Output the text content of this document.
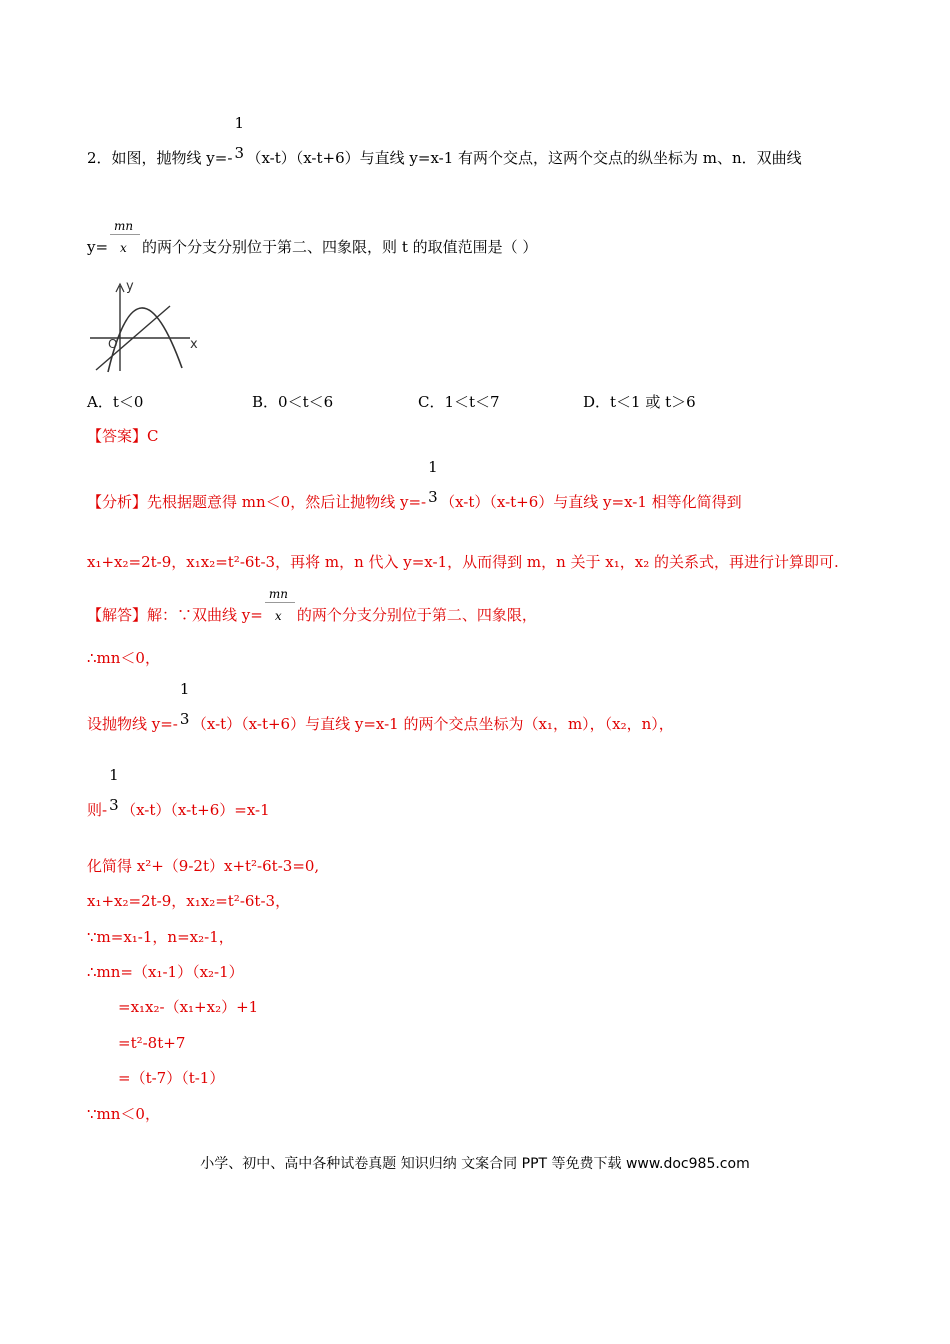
2．如图，抛物线 y=-
1
3 （x-t）（x-t+6）与直线 y=x-1 有两个交点，这两个交点的纵坐标为 m、n．双曲线
$y= \frac{mn}{x}$ 的两个分支分别位于第二、四象限，则 t 的取值范围是（ ）
y
x
O
A．t＜0	B．0＜t＜6	C．1＜t＜7	D．t＜1 或 t＞6
【答案】C
【分析】先根据题意得 mn＜0，然后让抛物线 y=-
1
3 （x-t）（x-t+6）与直线 y=x-1 相等化简得到
x₁+x₂=2t-9，x₁x₂=t²-6t-3，再将 m，n 代入 y=x-1，从而得到 m，n 关于 x₁，x₂ 的关系式，再进行计算即可.
【解答】解：∵双曲线 $y= \frac{mn}{x}$ 的两个分支分别位于第二、四象限，
∴mn＜0，
设抛物线 y=-
1
3 （x-t）（x-t+6）与直线 y=x-1 的两个交点坐标为（x₁，m），（x₂，n），
则-
1
3 （x-t）（x-t+6）=x-1
化简得 x²+（9-2t）x+t²-6t-3=0,
x₁+x₂=2t-9，x₁x₂=t²-6t-3，
∵m=x₁-1，n=x₂-1，
∴mn=（x₁-1）（x₂-1）
=x₁x₂-（x₁+x₂）+1
=t²-8t+7
=（t-7）（t-1）
∵mn＜0，
小学、初中、高中各种试卷真题 知识归纳 文案合同 PPT 等免费下载 www.doc985.com
